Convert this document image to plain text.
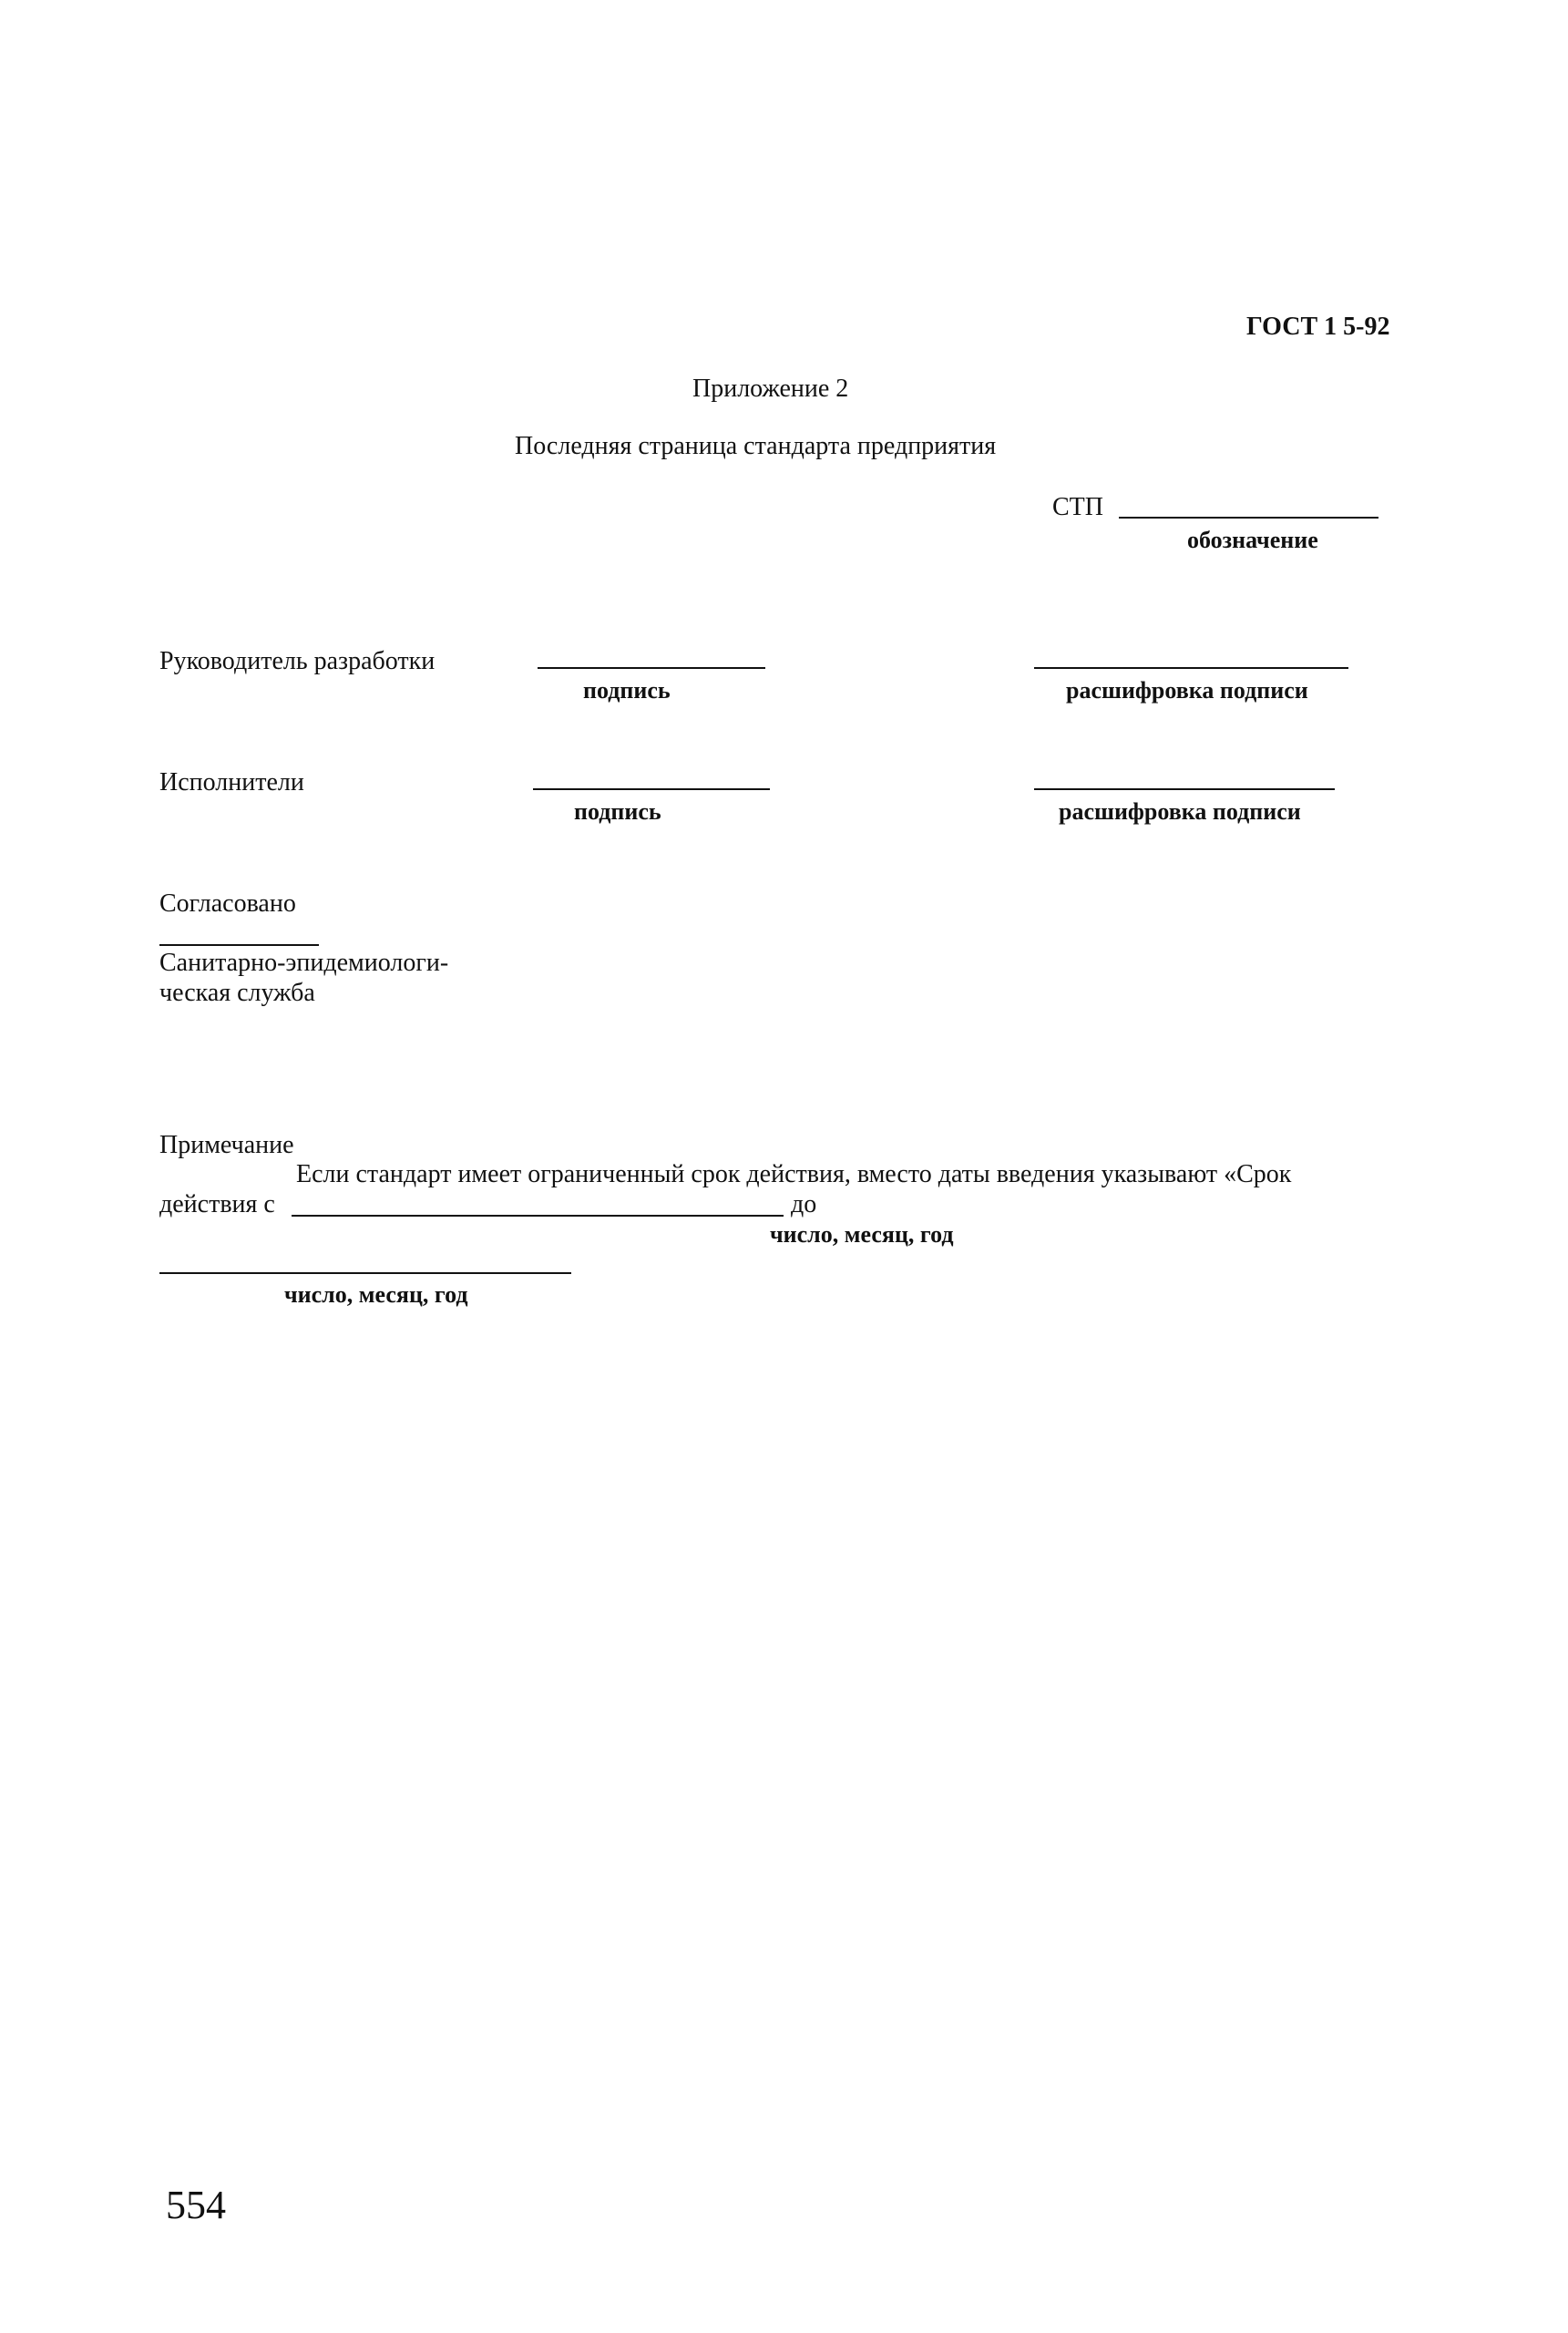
ГОСТ 1 5-92
Приложение 2
Последняя страница стандарта предприятия
СТП
обозначение
Руководитель разработки
подпись	расшифровка подписи
Исполнители
подпись	расшифровка подписи
Согласовано
Санитарно-эпидемиологи-
ческая служба
Примечание
Если стандарт имеет ограниченный срок действия, вместо даты введения указывают «Срок
действия с	до
число, месяц, год
число, месяц, год
554
